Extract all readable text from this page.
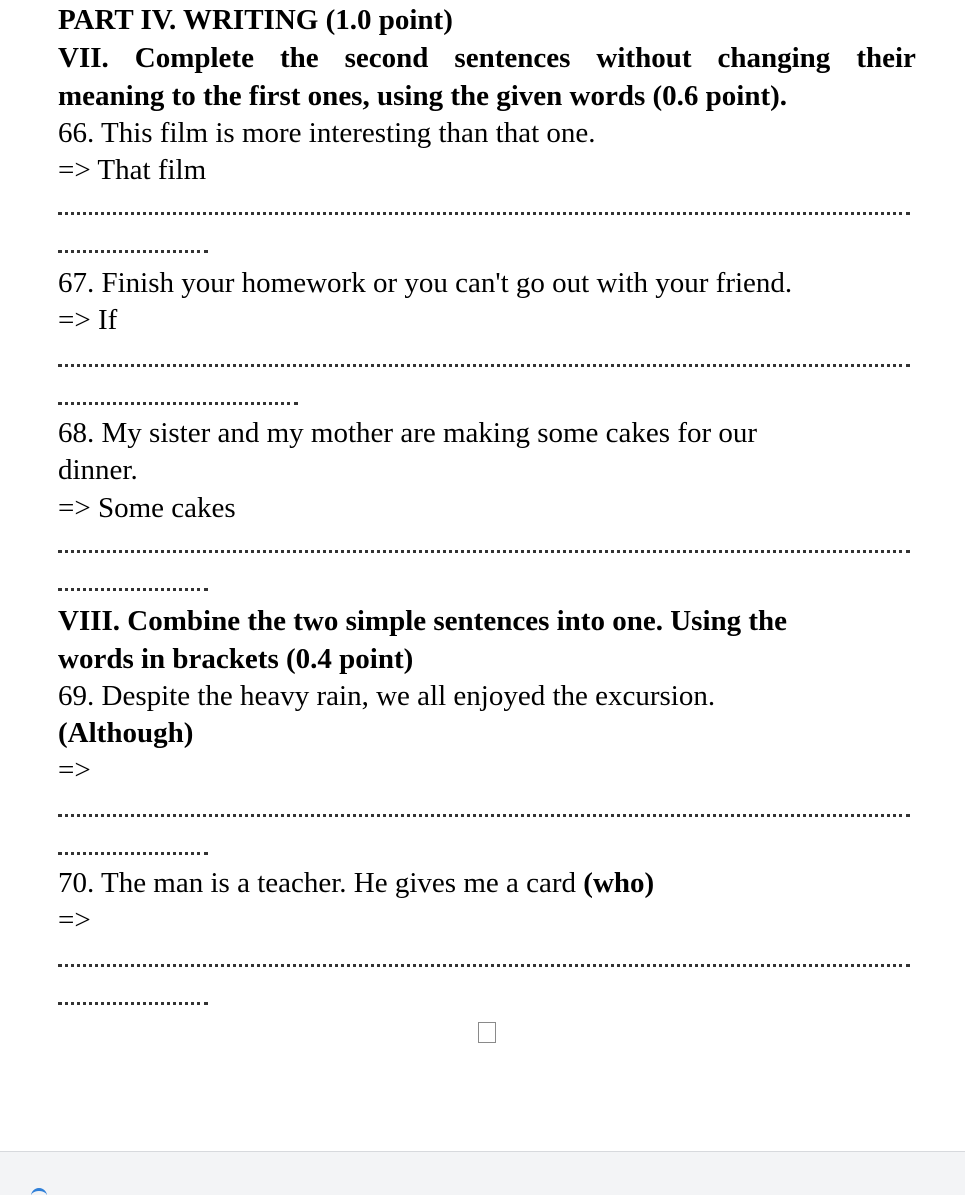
PART IV. WRITING (1.0 point)
VII. Complete the second sentences without changing their
meaning to the first ones, using the given words (0.6 point).
66. This film is more interesting than that one.
=> That film
67. Finish your homework or you can't go out with your friend.
=> If
68. My sister and my mother are making some cakes for our
dinner.
=> Some cakes
VIII. Combine the two simple sentences into one. Using the
words in brackets (0.4 point)
69. Despite the heavy rain, we all enjoyed the excursion.
(Although)
=>
70. The man is a teacher. He gives me a card (who)
=>
